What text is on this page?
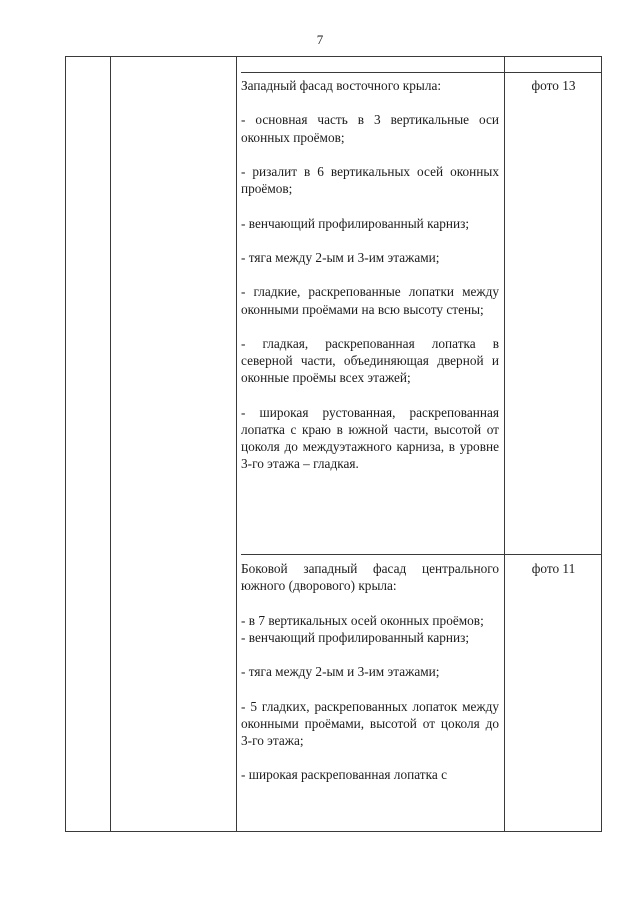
7

Западный фасад восточного крыла:

- основная часть в 3 вертикальные оси оконных проёмов;

- ризалит в 6 вертикальных осей оконных проёмов;

- венчающий профилированный карниз;

- тяга между 2-ым и 3-им этажами;

- гладкие, раскрепованные лопатки между оконными проёмами на всю высоту стены;

- гладкая, раскрепованная лопатка в северной части, объединяющая дверной и оконные проёмы всех этажей;

- широкая рустованная, раскрепованная лопатка с краю в южной части, высотой от цоколя до междуэтажного карниза, в уровне 3-го этажа – гладкая.

фото 13

Боковой западный фасад центрального южного (дворового) крыла:

- в 7 вертикальных осей оконных проёмов;

- венчающий профилированный карниз;

- тяга между 2-ым и 3-им этажами;

- 5 гладких, раскрепованных лопаток между оконными проёмами, высотой от цоколя до 3-го этажа;

- широкая раскрепованная лопатка с

фото 11
